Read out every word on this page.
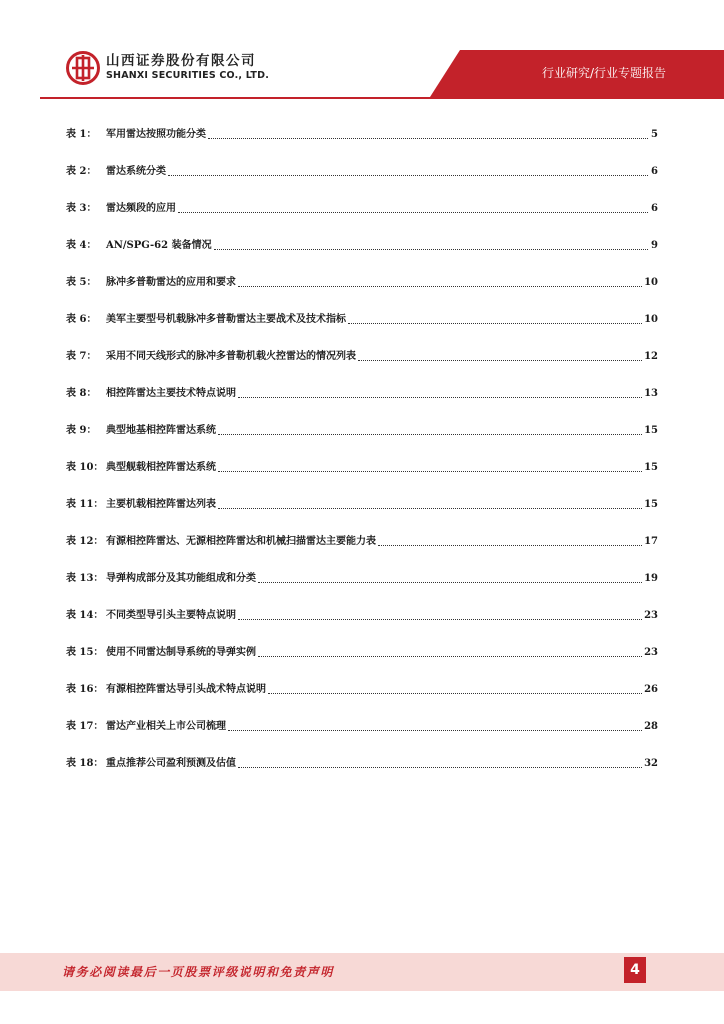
山西证券股份有限公司
SHANXI SECURITIES CO., LTD.	行业研究/行业专题报告
表 1： 军用雷达按照功能分类	5
表 2： 雷达系统分类	6
表 3： 雷达频段的应用	6
表 4： AN/SPG-62 装备情况	9
表 5： 脉冲多普勒雷达的应用和要求	10
表 6： 美军主要型号机载脉冲多普勒雷达主要战术及技术指标	10
表 7： 采用不同天线形式的脉冲多普勒机载火控雷达的情况列表	12
表 8： 相控阵雷达主要技术特点说明	13
表 9： 典型地基相控阵雷达系统	15
表 10： 典型舰载相控阵雷达系统	15
表 11： 主要机载相控阵雷达列表	15
表 12： 有源相控阵雷达、无源相控阵雷达和机械扫描雷达主要能力表	17
表 13： 导弹构成部分及其功能组成和分类	19
表 14： 不同类型导引头主要特点说明	23
表 15： 使用不同雷达制导系统的导弹实例	23
表 16： 有源相控阵雷达导引头战术特点说明	26
表 17： 雷达产业相关上市公司梳理	28
表 18： 重点推荐公司盈利预测及估值	32
请务必阅读最后一页股票评级说明和免责声明	4
